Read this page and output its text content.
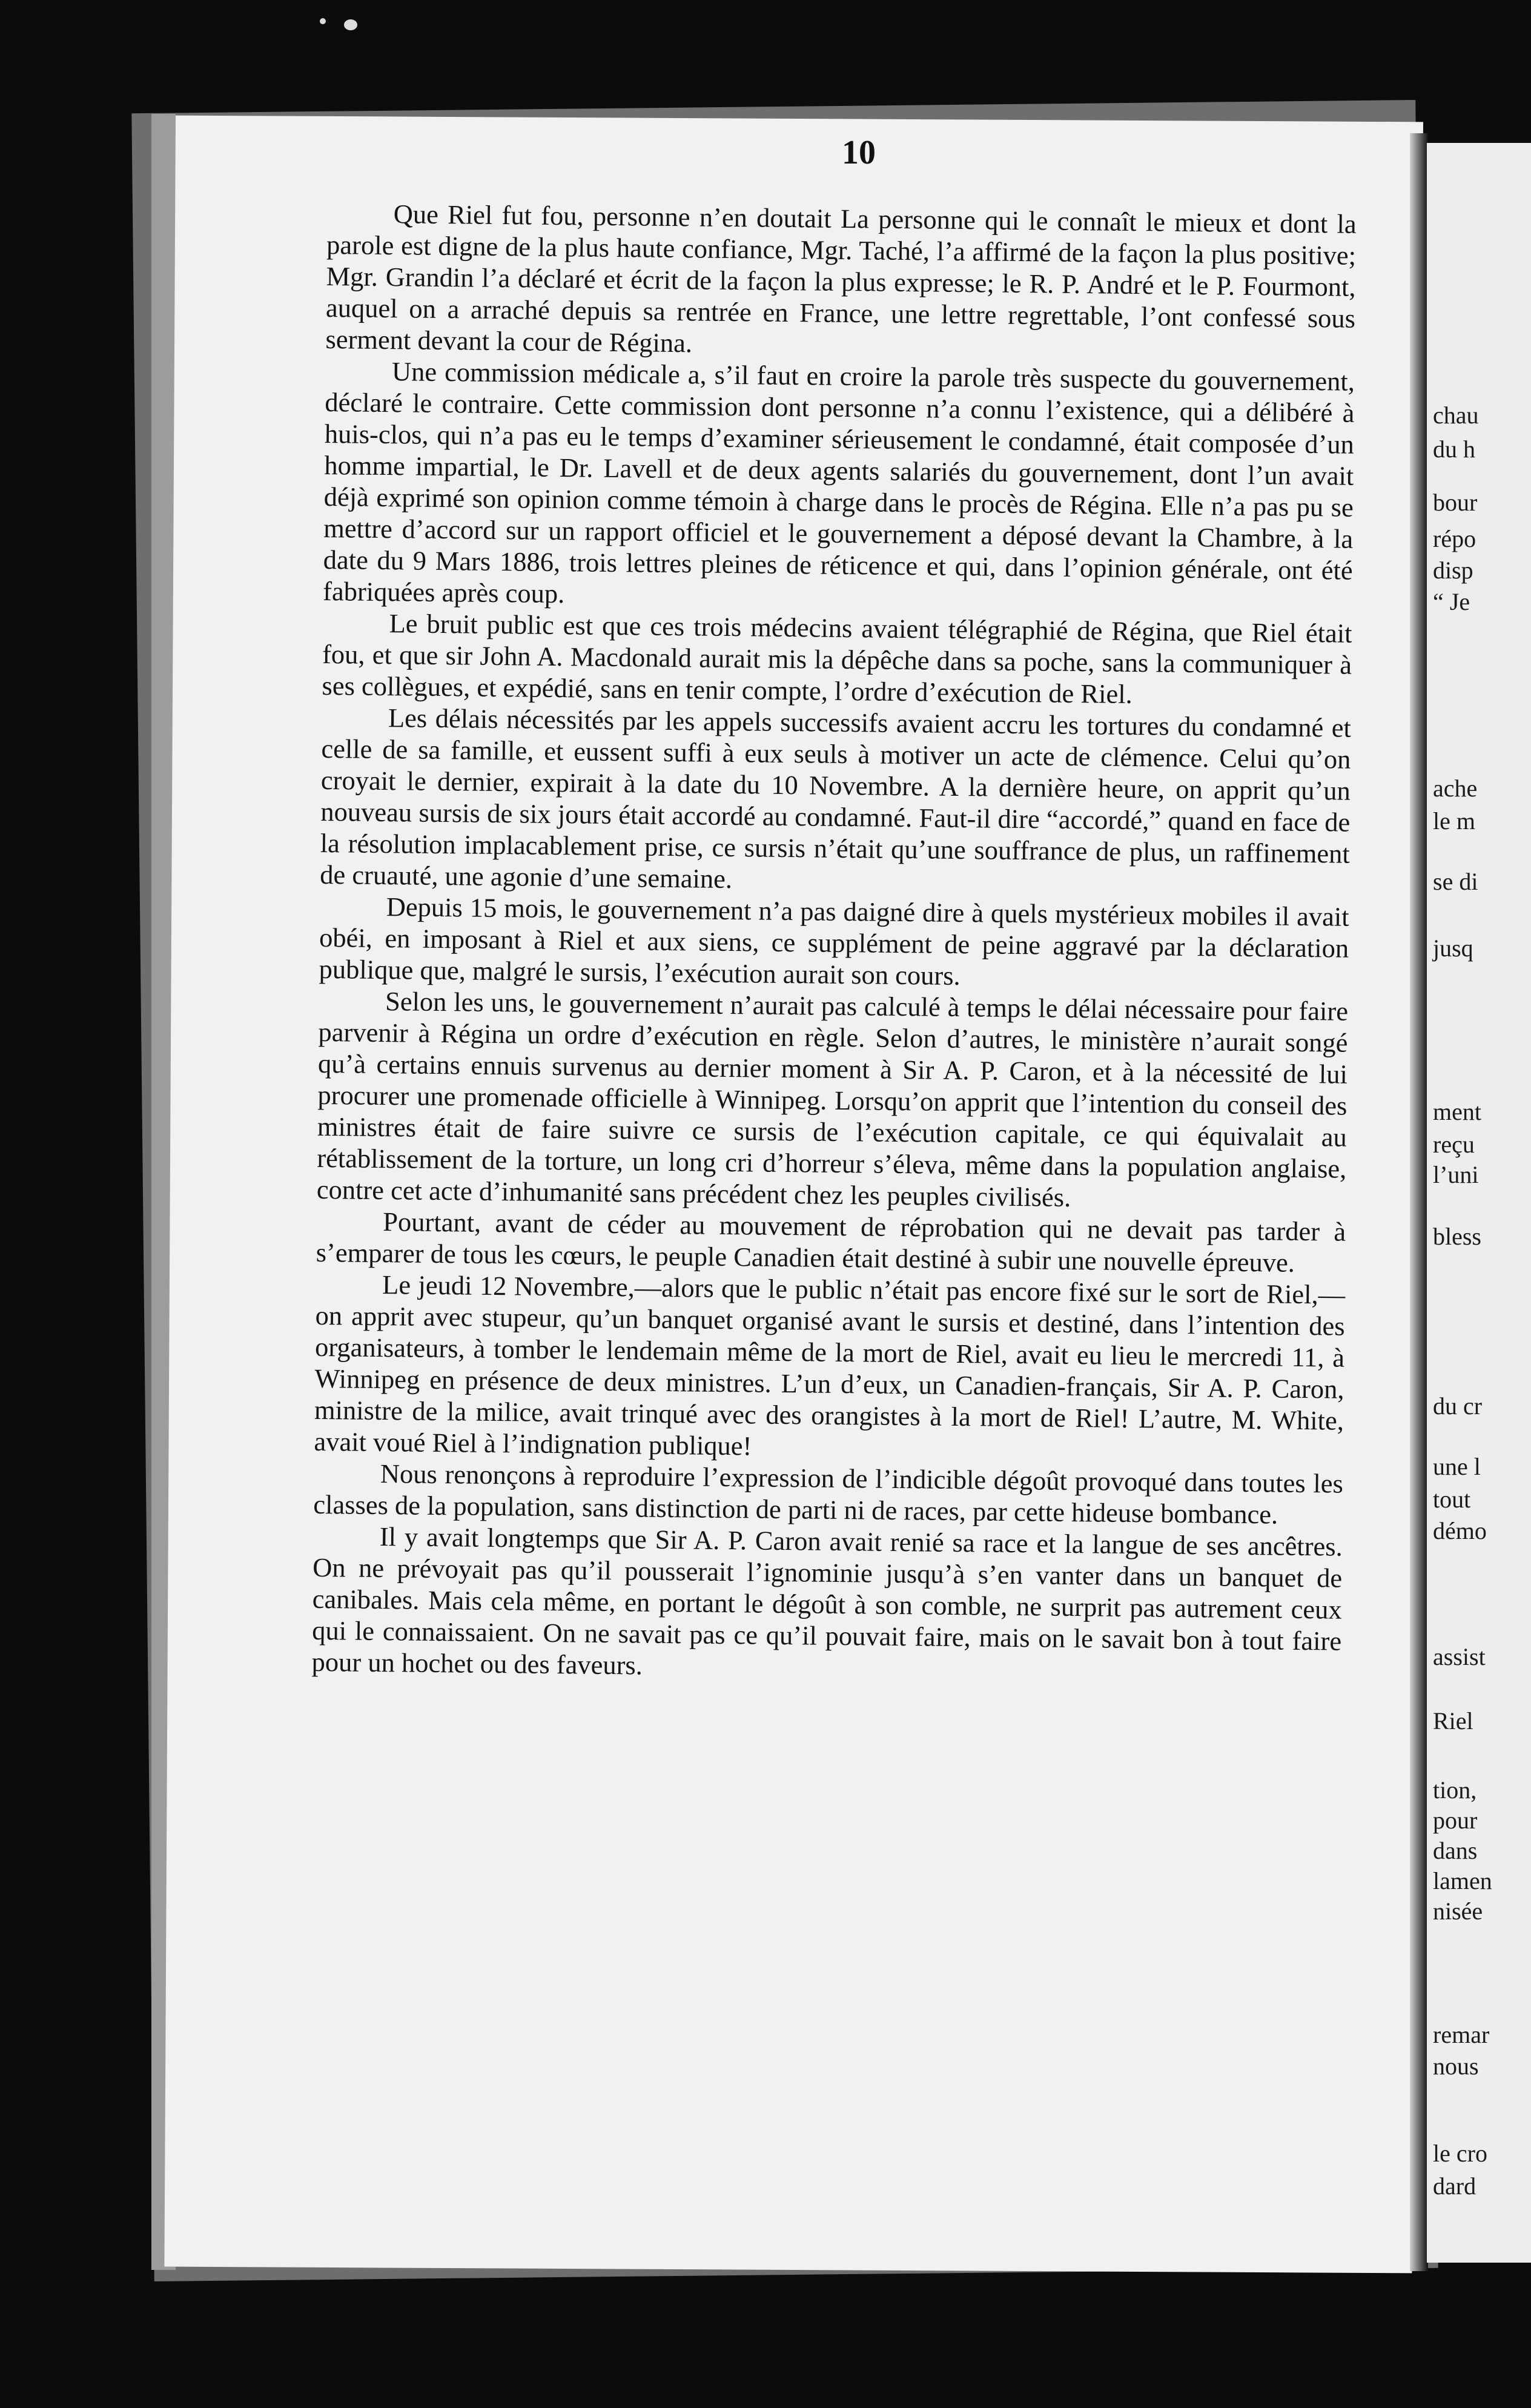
10

Que Riel fut fou, personne n’en doutait La personne qui le connaît le mieux et dont la parole est digne de la plus haute confiance, Mgr. Taché, l’a affirmé de la façon la plus positive; Mgr. Grandin l’a déclaré et écrit de la façon la plus expresse; le R. P. André et le P. Fourmont, auquel on a arraché depuis sa rentrée en France, une lettre regrettable, l’ont confessé sous serment devant la cour de Régina.

Une commission médicale a, s’il faut en croire la parole très suspecte du gouvernement, déclaré le contraire. Cette commission dont personne n’a connu l’existence, qui a délibéré à huis-clos, qui n’a pas eu le temps d’examiner sérieusement le condamné, était composée d’un homme impartial, le Dr. Lavell et de deux agents salariés du gouvernement, dont l’un avait déjà exprimé son opinion comme témoin à charge dans le procès de Régina. Elle n’a pas pu se mettre d’accord sur un rapport officiel et le gouvernement a déposé devant la Chambre, à la date du 9 Mars 1886, trois lettres pleines de réticence et qui, dans l’opinion générale, ont été fabriquées après coup.

Le bruit public est que ces trois médecins avaient télégraphié de Régina, que Riel était fou, et que sir John A. Macdonald aurait mis la dépêche dans sa poche, sans la communiquer à ses collègues, et expédié, sans en tenir compte, l’ordre d’exécution de Riel.

Les délais nécessités par les appels successifs avaient accru les tortures du condamné et celle de sa famille, et eussent suffi à eux seuls à motiver un acte de clémence. Celui qu’on croyait le dernier, expirait à la date du 10 Novembre. A la dernière heure, on apprit qu’un nouveau sursis de six jours était accordé au condamné. Faut-il dire “accordé,” quand en face de la résolution implacablement prise, ce sursis n’était qu’une souffrance de plus, un raffinement de cruauté, une agonie d’une semaine.

Depuis 15 mois, le gouvernement n’a pas daigné dire à quels mystérieux mobiles il avait obéi, en imposant à Riel et aux siens, ce supplément de peine aggravé par la déclaration publique que, malgré le sursis, l’exécution aurait son cours.

Selon les uns, le gouvernement n’aurait pas calculé à temps le délai nécessaire pour faire parvenir à Régina un ordre d’exécution en règle. Selon d’autres, le ministère n’aurait songé qu’à certains ennuis survenus au dernier moment à Sir A. P. Caron, et à la nécessité de lui procurer une promenade officielle à Winnipeg. Lorsqu’on apprit que l’intention du conseil des ministres était de faire suivre ce sursis de l’exécution capitale, ce qui équivalait au rétablissement de la torture, un long cri d’horreur s’éleva, même dans la population anglaise, contre cet acte d’inhumanité sans précédent chez les peuples civilisés.

Pourtant, avant de céder au mouvement de réprobation qui ne devait pas tarder à s’emparer de tous les cœurs, le peuple Canadien était destiné à subir une nouvelle épreuve.

Le jeudi 12 Novembre,—alors que le public n’était pas encore fixé sur le sort de Riel,—on apprit avec stupeur, qu’un banquet organisé avant le sursis et destiné, dans l’intention des organisateurs, à tomber le lendemain même de la mort de Riel, avait eu lieu le mercredi 11, à Winnipeg en présence de deux ministres. L’un d’eux, un Canadien-français, Sir A. P. Caron, ministre de la milice, avait trinqué avec des orangistes à la mort de Riel! L’autre, M. White, avait voué Riel à l’indignation publique!

Nous renonçons à reproduire l’expression de l’indicible dégoût provoqué dans toutes les classes de la population, sans distinction de parti ni de races, par cette hideuse bombance.

Il y avait longtemps que Sir A. P. Caron avait renié sa race et la langue de ses ancêtres. On ne prévoyait pas qu’il pousserait l’ignominie jusqu’à s’en vanter dans un banquet de canibales. Mais cela même, en portant le dégoût à son comble, ne surprit pas autrement ceux qui le connaissaient. On ne savait pas ce qu’il pouvait faire, mais on le savait bon à tout faire pour un hochet ou des faveurs.

chau
du h
bour
répo
disp
“ Je
ache
le m
se di
jusq
ment
reçu
l’uni
bless
du cr
une l
tout
démo
assist
Riel
tion,
pour
dans
lamen
nisée
remar
nous
le cro
dard
